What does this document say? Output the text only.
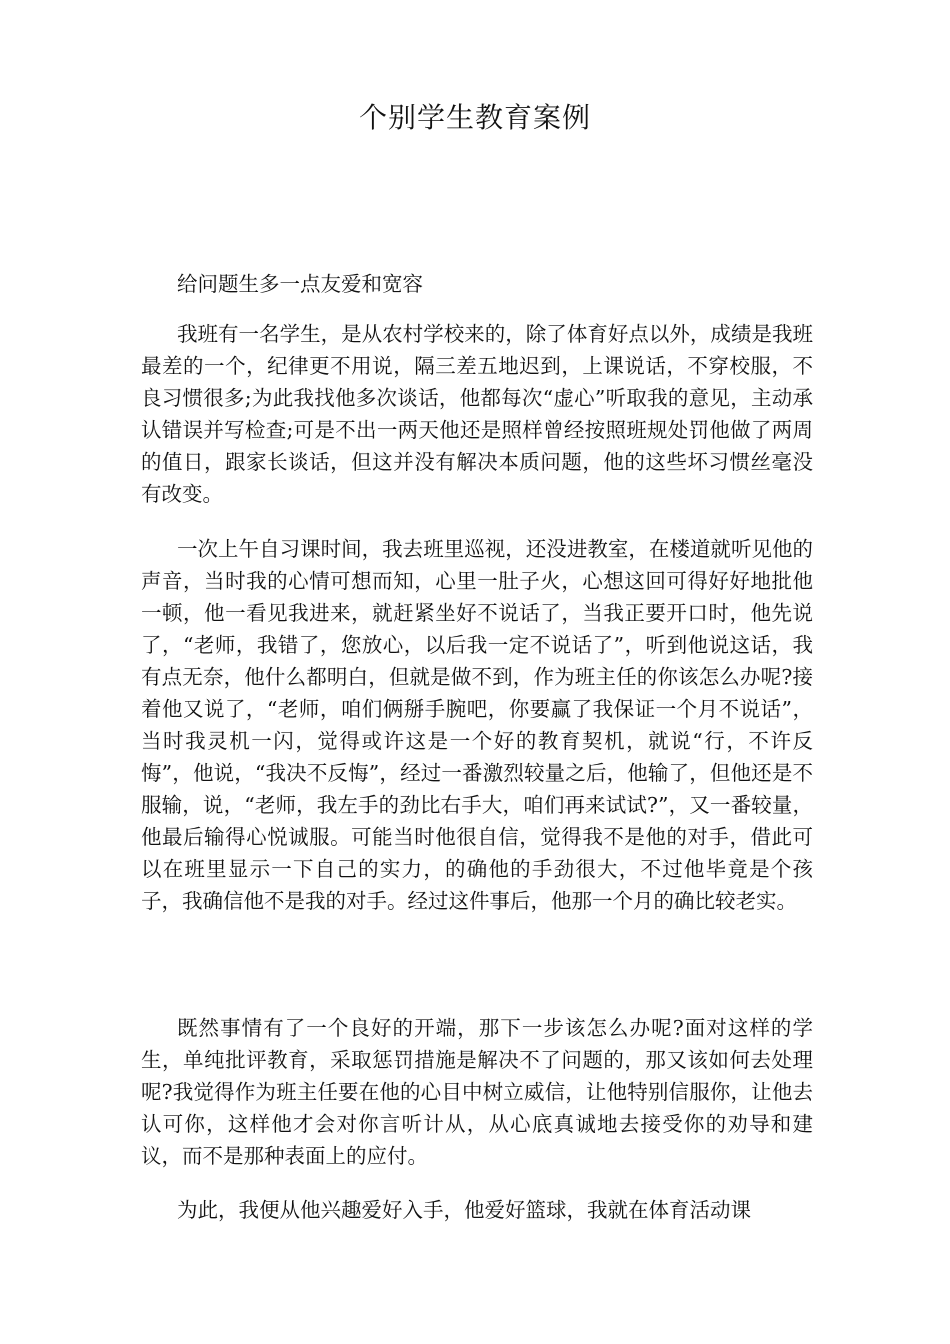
个别学生教育案例

给问题生多一点友爱和宽容

我班有一名学生，是从农村学校来的，除了体育好点以外，成绩是我班最差的一个，纪律更不用说，隔三差五地迟到，上课说话，不穿校服，不良习惯很多;为此我找他多次谈话，他都每次“虚心”听取我的意见，主动承认错误并写检查;可是不出一两天他还是照样曾经按照班规处罚他做了两周的值日，跟家长谈话，但这并没有解决本质问题，他的这些坏习惯丝毫没有改变。

一次上午自习课时间，我去班里巡视，还没进教室，在楼道就听见他的声音，当时我的心情可想而知，心里一肚子火，心想这回可得好好地批他一顿，他一看见我进来，就赶紧坐好不说话了，当我正要开口时，他先说了，“老师，我错了，您放心，以后我一定不说话了”，听到他说这话，我有点无奈，他什么都明白，但就是做不到，作为班主任的你该怎么办呢?接着他又说了，“老师，咱们俩掰手腕吧，你要赢了我保证一个月不说话”，当时我灵机一闪，觉得或许这是一个好的教育契机，就说“行，不许反悔”，他说，“我决不反悔”，经过一番激烈较量之后，他输了，但他还是不服输，说，“老师，我左手的劲比右手大，咱们再来试试?”，又一番较量，他最后输得心悦诚服。可能当时他很自信，觉得我不是他的对手，借此可以在班里显示一下自己的实力，的确他的手劲很大，不过他毕竟是个孩子，我确信他不是我的对手。经过这件事后，他那一个月的确比较老实。

既然事情有了一个良好的开端，那下一步该怎么办呢?面对这样的学生，单纯批评教育，采取惩罚措施是解决不了问题的，那又该如何去处理呢?我觉得作为班主任要在他的心目中树立威信，让他特别信服你，让他去认可你，这样他才会对你言听计从，从心底真诚地去接受你的劝导和建议，而不是那种表面上的应付。

为此，我便从他兴趣爱好入手，他爱好篮球，我就在体育活动课
